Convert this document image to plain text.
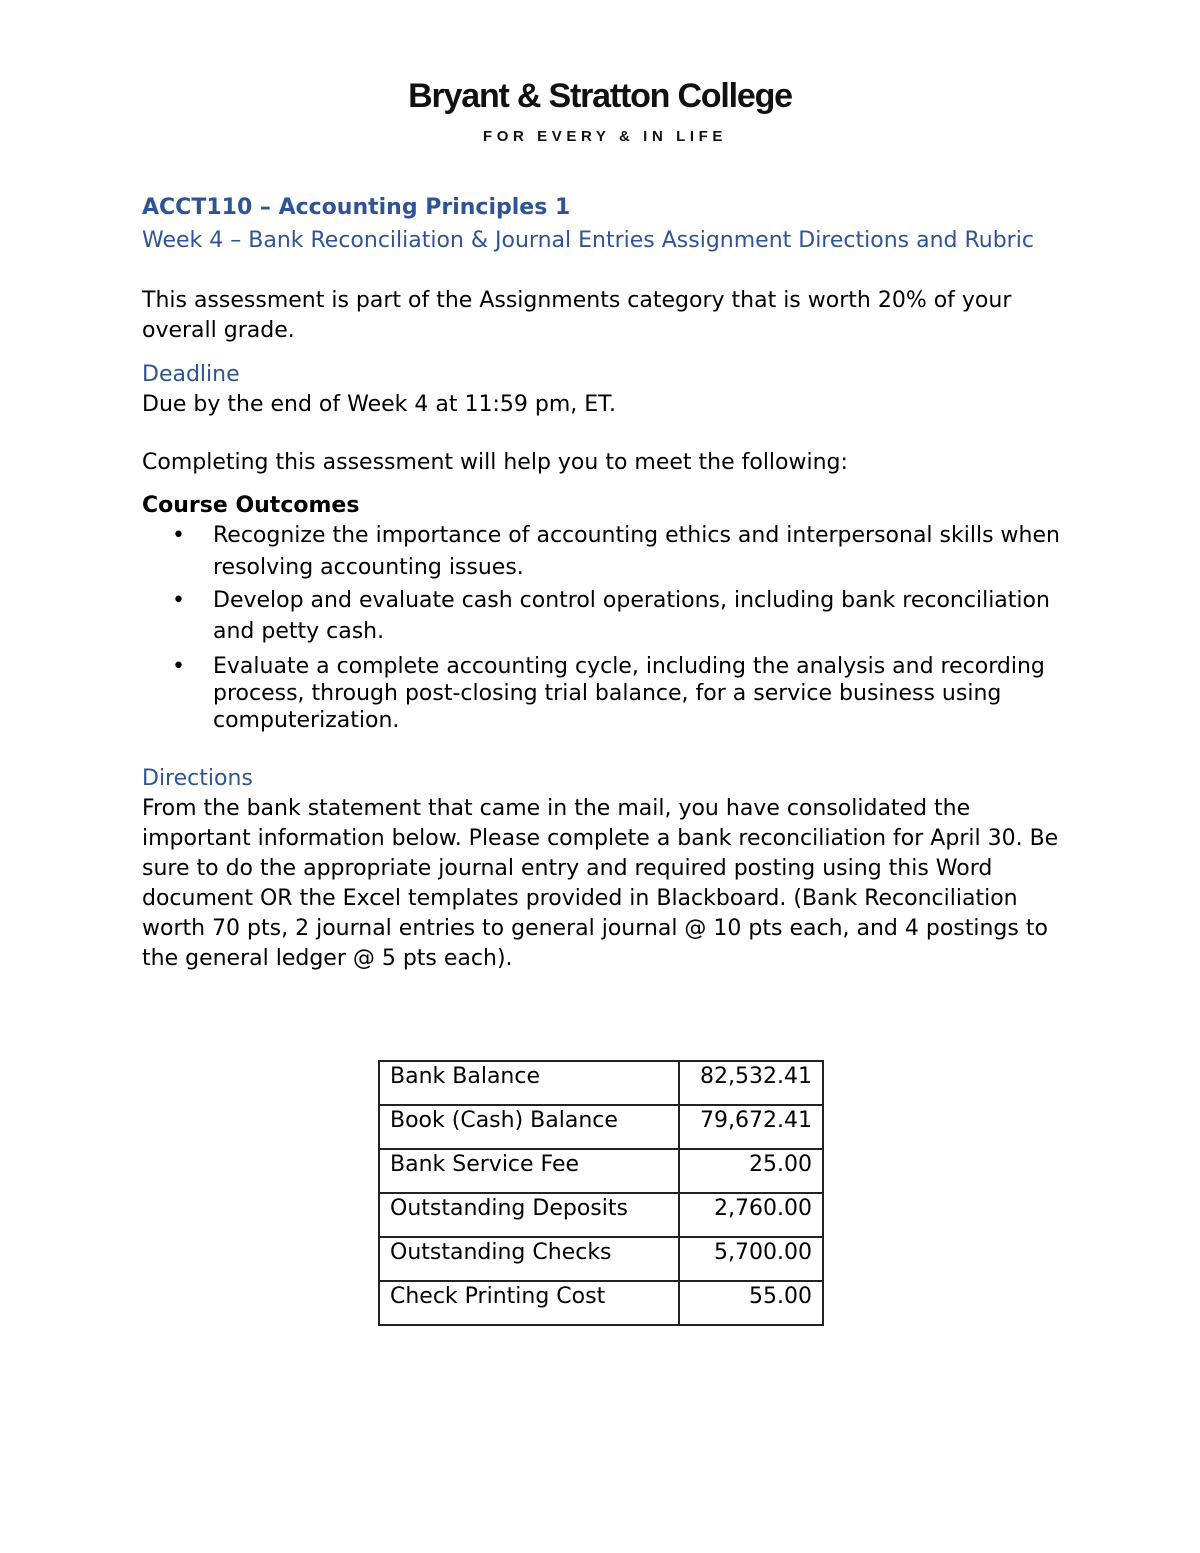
Bryant & Stratton College
FOR EVERY & IN LIFE
ACCT110 – Accounting Principles 1
Week 4 – Bank Reconciliation & Journal Entries Assignment Directions and Rubric
This assessment is part of the Assignments category that is worth 20% of your overall grade.
Deadline
Due by the end of Week 4 at 11:59 pm, ET.
Completing this assessment will help you to meet the following:
Course Outcomes
• Recognize the importance of accounting ethics and interpersonal skills when resolving accounting issues.
• Develop and evaluate cash control operations, including bank reconciliation and petty cash.
• Evaluate a complete accounting cycle, including the analysis and recording process, through post-closing trial balance, for a service business using computerization.
Directions
From the bank statement that came in the mail, you have consolidated the important information below. Please complete a bank reconciliation for April 30. Be sure to do the appropriate journal entry and required posting using this Word document OR the Excel templates provided in Blackboard. (Bank Reconciliation worth 70 pts, 2 journal entries to general journal @ 10 pts each, and 4 postings to the general ledger @ 5 pts each).
Bank Balance	82,532.41
Book (Cash) Balance	79,672.41
Bank Service Fee	25.00
Outstanding Deposits	2,760.00
Outstanding Checks	5,700.00
Check Printing Cost	55.00
